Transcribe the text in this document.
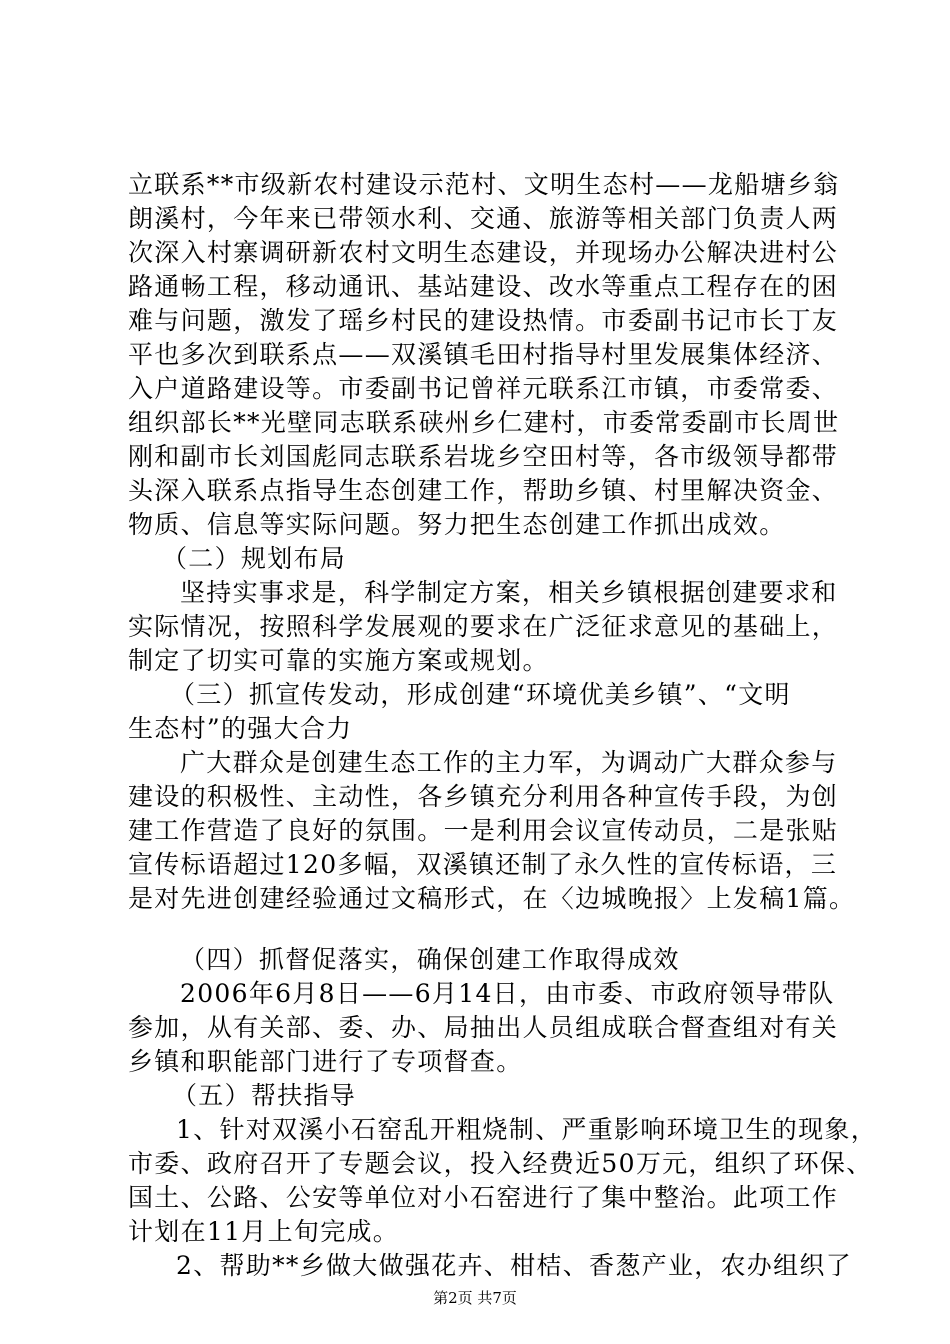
立联系**市级新农村建设示范村、文明生态村——龙船塘乡翁
朗溪村，今年来已带领水利、交通、旅游等相关部门负责人两
次深入村寨调研新农村文明生态建设，并现场办公解决进村公
路通畅工程，移动通讯、基站建设、改水等重点工程存在的困
难与问题，激发了瑶乡村民的建设热情。市委副书记市长丁友
平也多次到联系点——双溪镇毛田村指导村里发展集体经济、
入户道路建设等。市委副书记曾祥元联系江市镇，市委常委、
组织部长**光壁同志联系硖州乡仁建村，市委常委副市长周世
刚和副市长刘国彪同志联系岩垅乡空田村等，各市级领导都带
头深入联系点指导生态创建工作，帮助乡镇、村里解决资金、
物质、信息等实际问题。努力把生态创建工作抓出成效。
（二）规划布局
坚持实事求是，科学制定方案，相关乡镇根据创建要求和
实际情况，按照科学发展观的要求在广泛征求意见的基础上，
制定了切实可靠的实施方案或规划。
（三）抓宣传发动，形成创建“环境优美乡镇”、“文明
生态村”的强大合力
广大群众是创建生态工作的主力军，为调动广大群众参与
建设的积极性、主动性，各乡镇充分利用各种宣传手段，为创
建工作营造了良好的氛围。一是利用会议宣传动员，二是张贴
宣传标语超过120多幅，双溪镇还制了永久性的宣传标语，三
是对先进创建经验通过文稿形式，在〈边城晚报〉上发稿1篇。
（四）抓督促落实，确保创建工作取得成效
2006年6月8日——6月14日，由市委、市政府领导带队
参加，从有关部、委、办、局抽出人员组成联合督查组对有关
乡镇和职能部门进行了专项督查。
（五）帮扶指导
1、针对双溪小石窑乱开粗烧制、严重影响环境卫生的现象，
市委、政府召开了专题会议，投入经费近50万元，组织了环保、
国土、公路、公安等单位对小石窑进行了集中整治。此项工作
计划在11月上旬完成。
2、帮助**乡做大做强花卉、柑桔、香葱产业，农办组织了
第2页 共7页
